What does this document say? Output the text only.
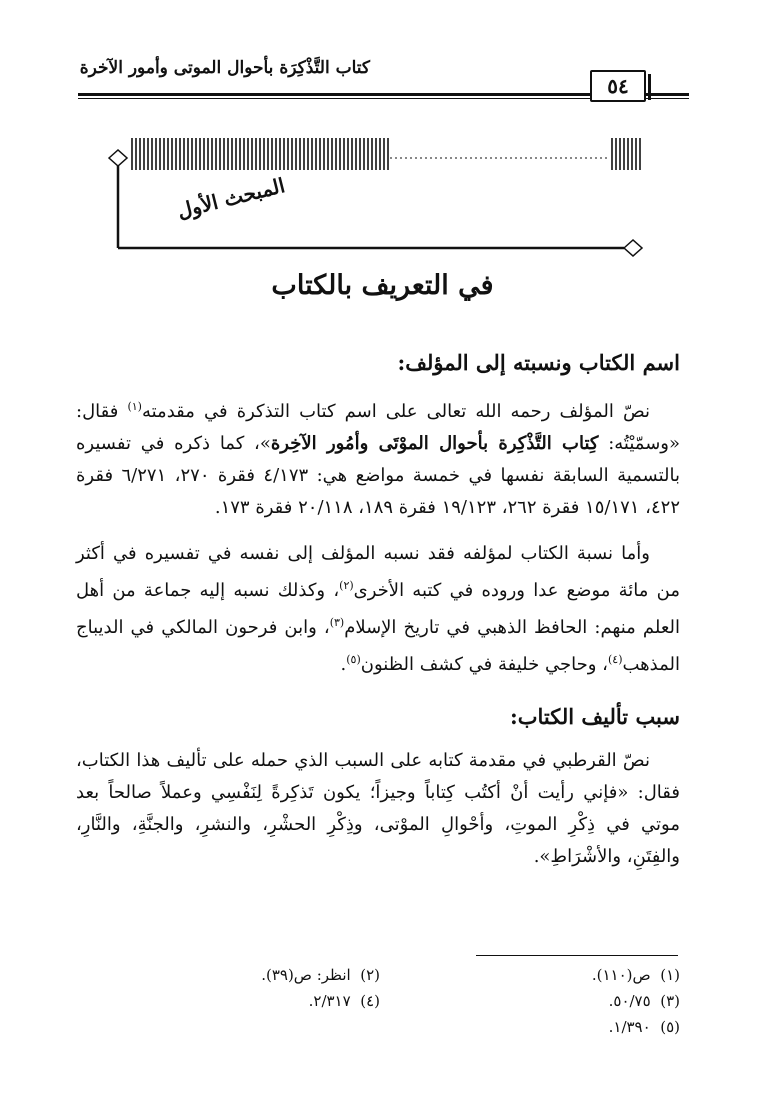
كتاب التَّذْكِرَة بأحوال الموتى وأمور الآخرة
٥٤
المبحث الأول
في التعريف بالكتاب
اسم الكتاب ونسبته إلى المؤلف:

نصّ المؤلف رحمه الله تعالى على اسم كتاب التذكرة في مقدمته$^{(١)}$ فقال: «وسمّيْتُه: كِتاب التَّذْكِرة بأحوال الموْتَى وأمُور الآخِرة»، كما ذكره في تفسيره بالتسمية السابقة نفسها في خمسة مواضع هي: ٤/١٧٣ فقرة ٢٧٠، ٦/٢٧١ فقرة ٤٢٢، ١٥/١٧١ فقرة ٢٦٢، ١٩/١٢٣ فقرة ١٨٩، ٢٠/١١٨ فقرة ١٧٣.

وأما نسبة الكتاب لمؤلفه فقد نسبه المؤلف إلى نفسه في تفسيره في أكثر من مائة موضع عدا وروده في كتبه الأخرى$^{(٢)}$، وكذلك نسبه إليه جماعة من أهل العلم منهم: الحافظ الذهبي في تاريخ الإسلام$^{(٣)}$، وابن فرحون المالكي في الديباج المذهب$^{(٤)}$، وحاجي خليفة في كشف الظنون$^{(٥)}$.

سبب تأليف الكتاب:

نصّ القرطبي في مقدمة كتابه على السبب الذي حمله على تأليف هذا الكتاب، فقال: «فإني رأيت أنْ أكتُب كِتاباً وجيزاً؛ يكون تَذكِرةً لِنَفْسِي وعملاً صالحاً بعد موتي في ذِكْرِ الموتِ، وأحْوالِ الموْتى، وذِكْرِ الحشْرِ، والنشرِ، والجنَّةِ، والنَّارِ، والفِتَنِ، والأشْرَاطِ».

(١)  ص(١١٠).
(٢)  انظر: ص(٣٩).
(٣)  ٥٠/٧٥.
(٤)  ٢/٣١٧.
(٥)  ١/٣٩٠.
